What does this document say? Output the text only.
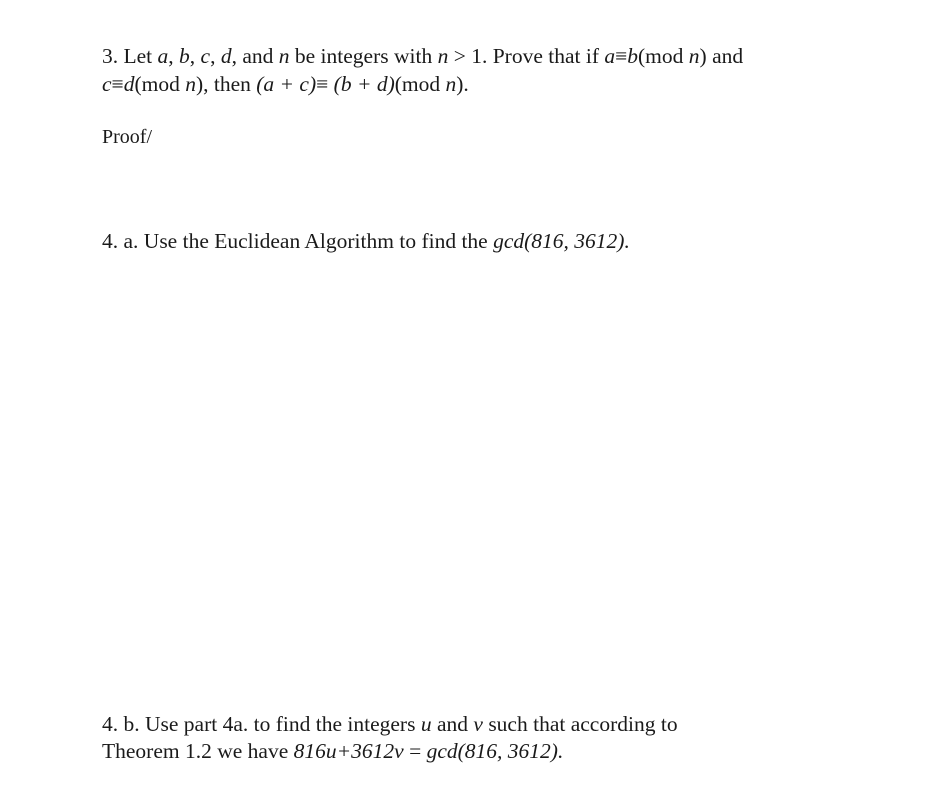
3. Let a, b, c, d, and n be integers with n > 1. Prove that if a≡b(mod n) and
c≡d(mod n), then (a + c)≡ (b + d)(mod n).
Proof/
4. a. Use the Euclidean Algorithm to find the gcd(816, 3612).
4. b. Use part 4a. to find the integers u and v such that according to
Theorem 1.2 we have 816u+3612v = gcd(816, 3612).
